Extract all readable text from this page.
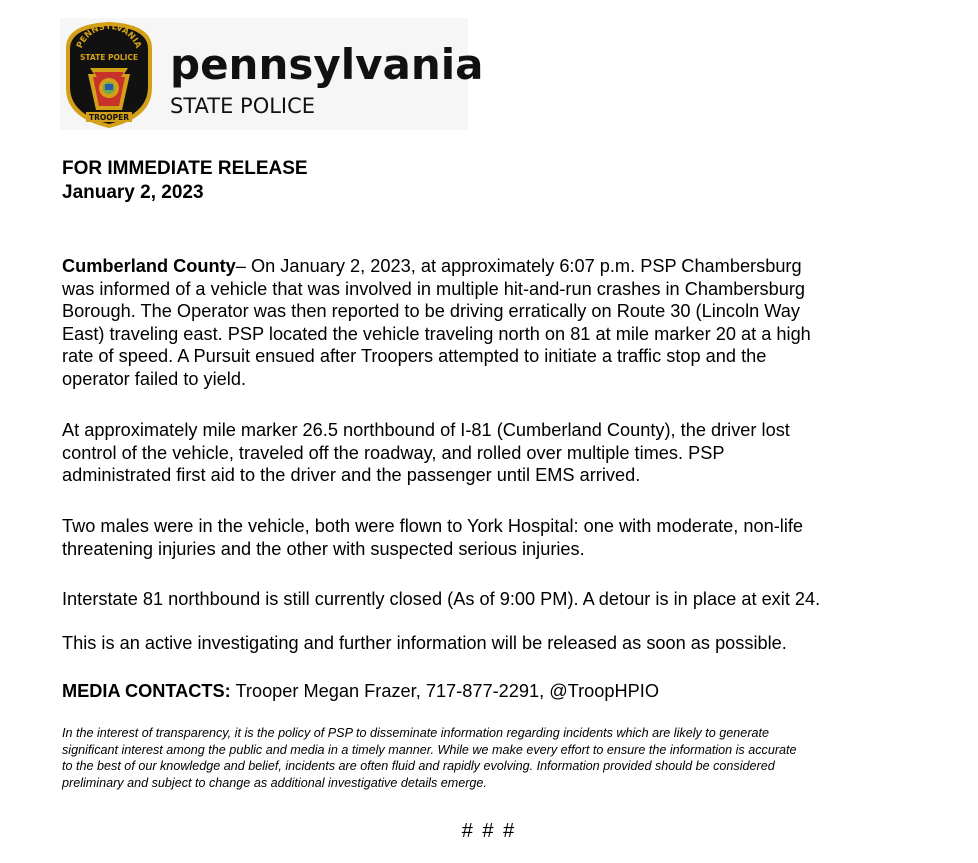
PENNSYLVANIA
STATE POLICE
TROOPER
pennsylvania
STATE POLICE
FOR IMMEDIATE RELEASE
January 2, 2023

Cumberland County– On January 2, 2023, at approximately 6:07 p.m. PSP Chambersburg
was informed of a vehicle that was involved in multiple hit-and-run crashes in Chambersburg
Borough. The Operator was then reported to be driving erratically on Route 30 (Lincoln Way
East) traveling east. PSP located the vehicle traveling north on 81 at mile marker 20 at a high
rate of speed. A Pursuit ensued after Troopers attempted to initiate a traffic stop and the
operator failed to yield.

At approximately mile marker 26.5 northbound of I-81 (Cumberland County), the driver lost
control of the vehicle, traveled off the roadway, and rolled over multiple times. PSP
administrated first aid to the driver and the passenger until EMS arrived.

Two males were in the vehicle, both were flown to York Hospital: one with moderate, non-life
threatening injuries and the other with suspected serious injuries.

Interstate 81 northbound is still currently closed (As of 9:00 PM). A detour is in place at exit 24.

This is an active investigating and further information will be released as soon as possible.

MEDIA CONTACTS: Trooper Megan Frazer, 717-877-2291, @TroopHPIO

In the interest of transparency, it is the policy of PSP to disseminate information regarding incidents which are likely to generate
significant interest among the public and media in a timely manner. While we make every effort to ensure the information is accurate
to the best of our knowledge and belief, incidents are often fluid and rapidly evolving. Information provided should be considered
preliminary and subject to change as additional investigative details emerge.

# # #
